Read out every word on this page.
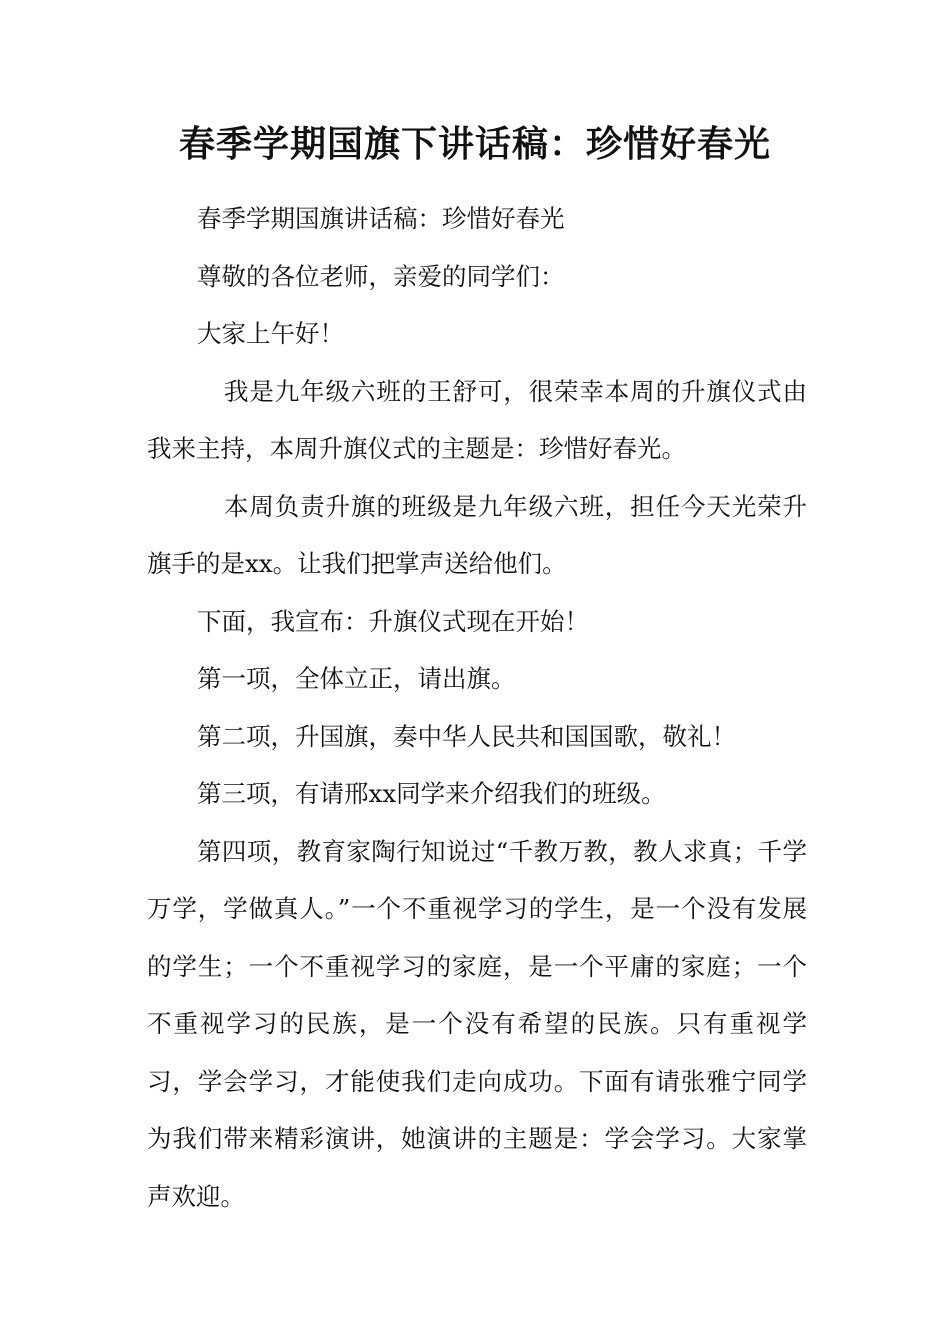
春季学期国旗下讲话稿：珍惜好春光

春季学期国旗讲话稿：珍惜好春光

尊敬的各位老师，亲爱的同学们：

大家上午好！

我是九年级六班的王舒可，很荣幸本周的升旗仪式由我来主持，本周升旗仪式的主题是：珍惜好春光。

本周负责升旗的班级是九年级六班，担任今天光荣升旗手的是xx。让我们把掌声送给他们。

下面，我宣布：升旗仪式现在开始！

第一项，全体立正，请出旗。

第二项，升国旗，奏中华人民共和国国歌，敬礼！

第三项，有请邢xx同学来介绍我们的班级。

第四项，教育家陶行知说过“千教万教，教人求真；千学万学，学做真人。”一个不重视学习的学生，是一个没有发展的学生；一个不重视学习的家庭，是一个平庸的家庭；一个不重视学习的民族，是一个没有希望的民族。只有重视学习，学会学习，才能使我们走向成功。下面有请张雅宁同学为我们带来精彩演讲，她演讲的主题是：学会学习。大家掌声欢迎。
